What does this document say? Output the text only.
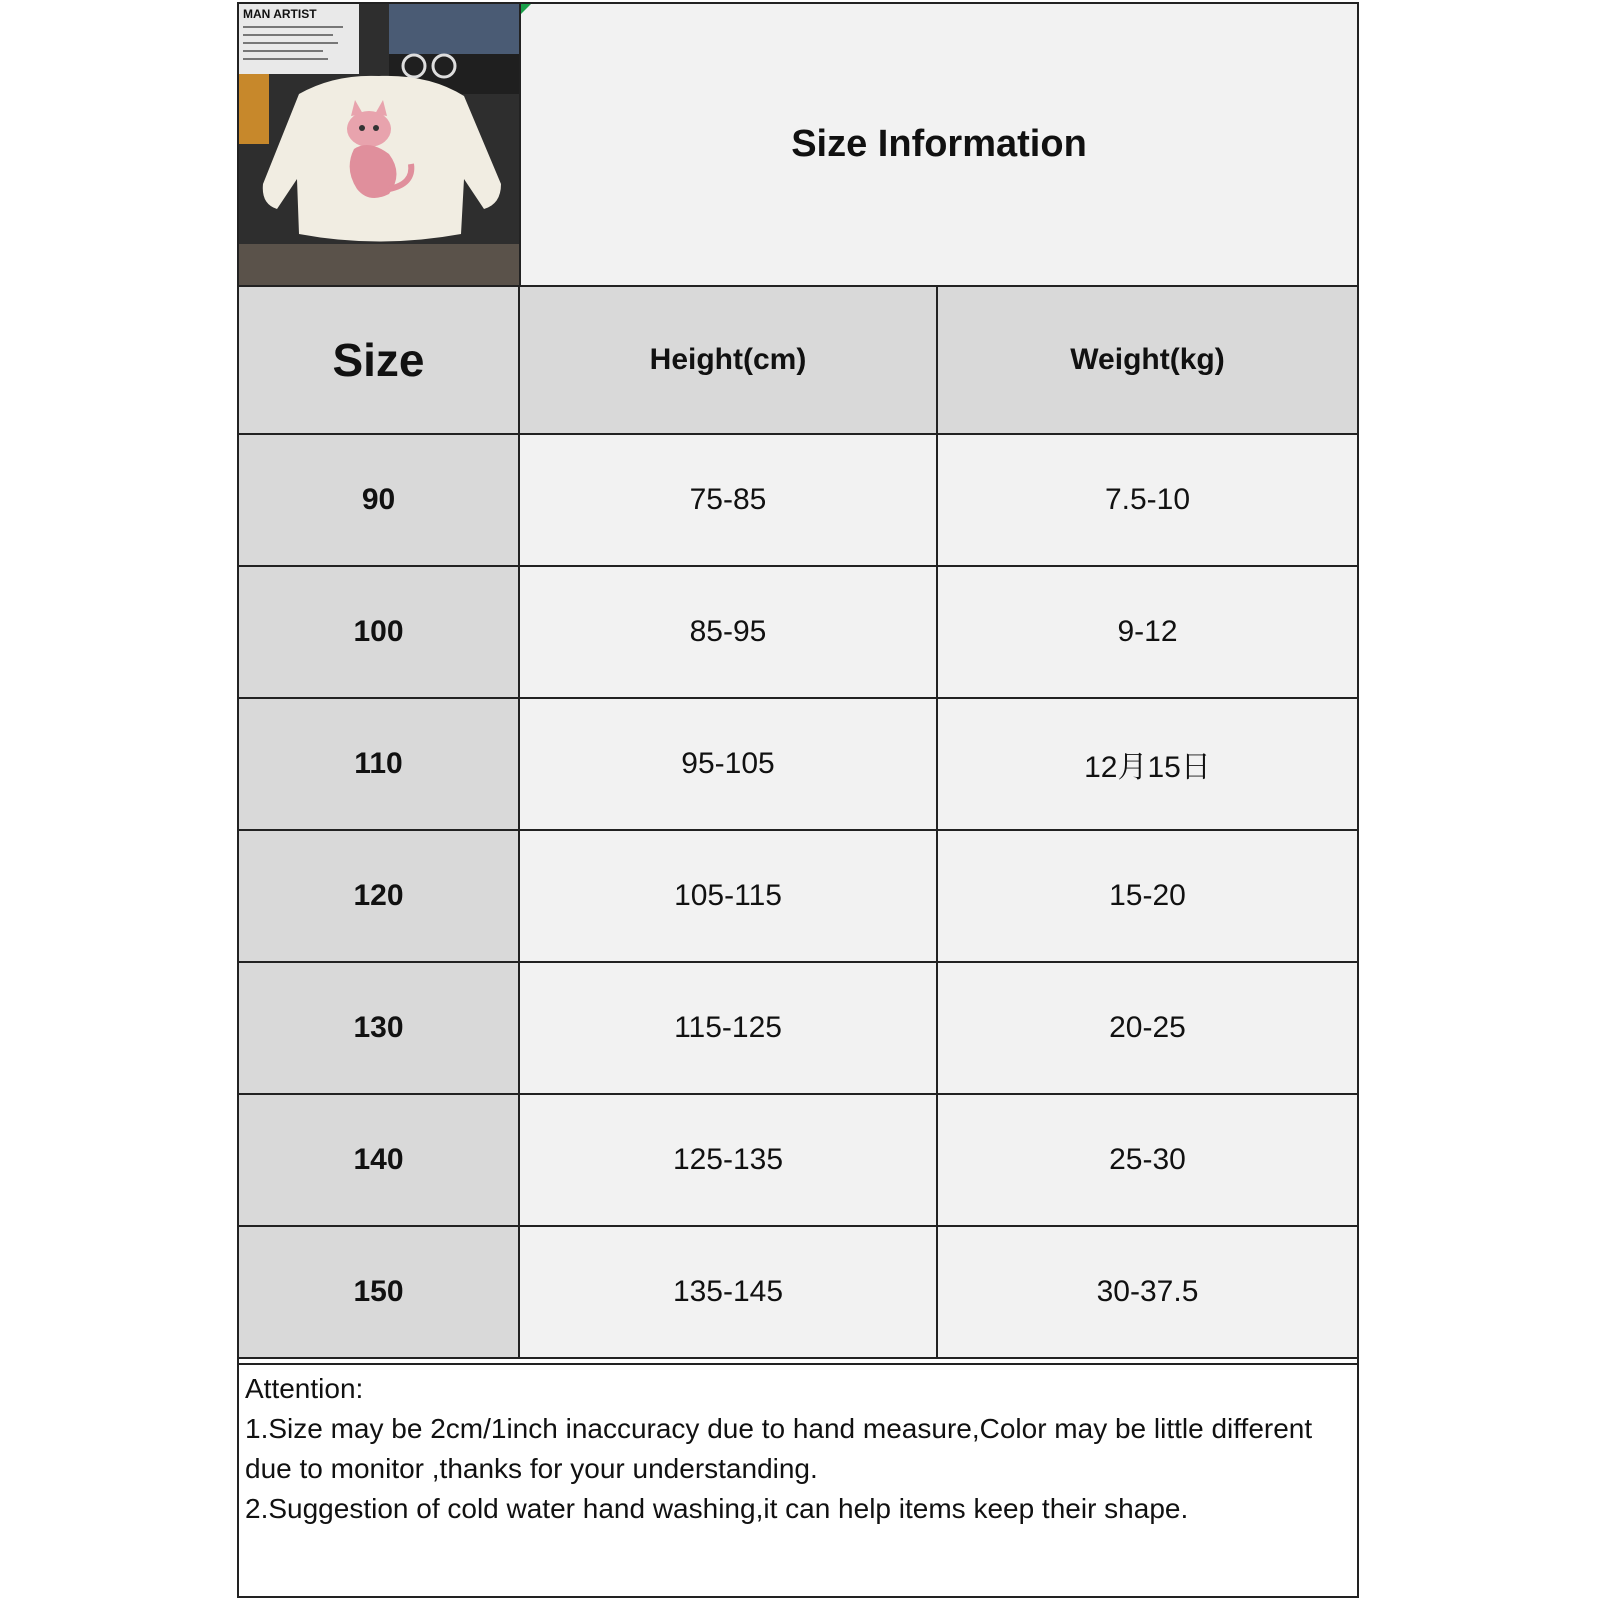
MAN ARTIST
Size Information
Size	Height(cm)	Weight(kg)
90	75-85	7.5-10
100	85-95	9-12
110	95-105	12月15日
120	105-115	15-20
130	115-125	20-25
140	125-135	25-30
150	135-145	30-37.5
Attention:
1.Size may be 2cm/1inch inaccuracy due to hand measure,Color may be little different due to monitor ,thanks for your understanding.
2.Suggestion of cold water hand washing,it can help items keep their shape.
